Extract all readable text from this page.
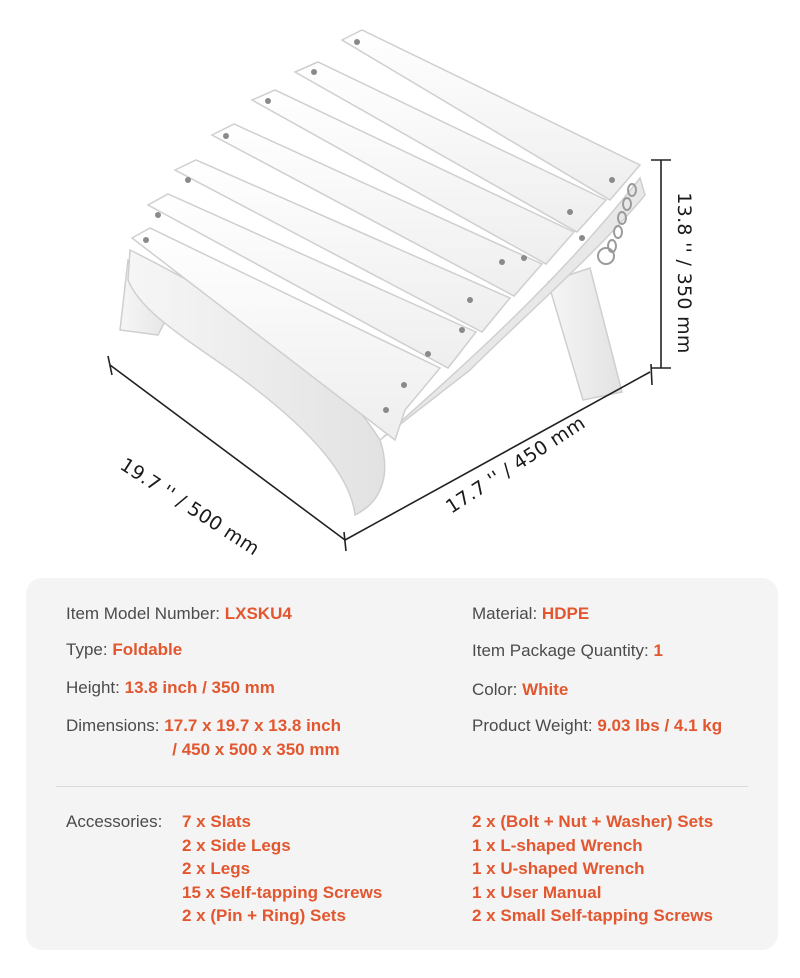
19.7 '' / 500 mm	17.7 '' / 450 mm
13.8 '' / 350 mm
Item Model Number: LXSKU4
Type: Foldable
Height: 13.8 inch / 350 mm
Dimensions: 17.7 x 19.7 x 13.8 inch
/ 450 x 500 x 350 mm
Material: HDPE
Item Package Quantity: 1
Color: White
Product Weight: 9.03 lbs / 4.1 kg
Accessories: 7 x Slats
2 x Side Legs
2 x Legs
15 x Self-tapping Screws
2 x (Pin + Ring) Sets
2 x (Bolt + Nut + Washer) Sets
1 x L-shaped Wrench
1 x U-shaped Wrench
1 x User Manual
2 x Small Self-tapping Screws
